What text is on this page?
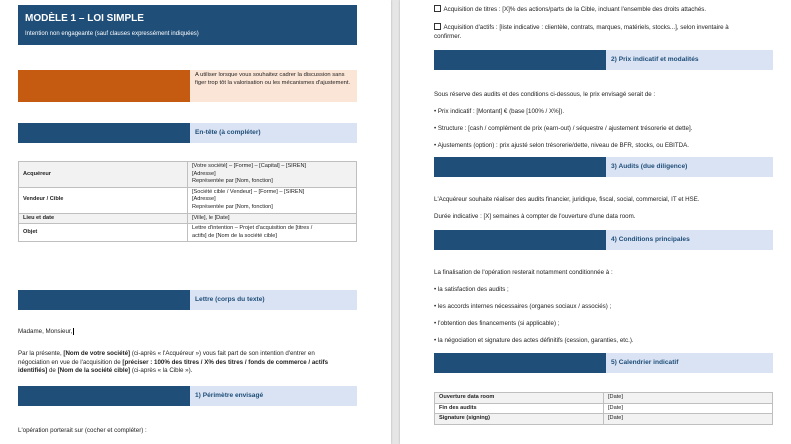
MODÈLE 1 – LOI SIMPLE
Intention non engageante (sauf clauses expressément indiquées)
A utiliser lorsque vous souhaitez cadrer la discussion sans figer trop tôt la valorisation ou les mécanismes d'ajustement.
En-tête (à compléter)
Acquéreur	[Votre société] – [Forme] – [Capital] – [SIREN]
[Adresse]
Représentée par [Nom, fonction]

Vendeur / Cible	[Société cible / Vendeur] – [Forme] – [SIREN]
[Adresse]
Représentée par [Nom, fonction]

Lieu et date	[Ville], le [Date]

Objet	Lettre d'intention – Projet d'acquisition de [titres /
actifs] de [Nom de la société cible]
Lettre (corps du texte)
Madame, Monsieur,
Par la présente, [Nom de votre société] (ci-après « l'Acquéreur ») vous fait part de son intention d'entrer en
négociation en vue de l'acquisition de [préciser : 100% des titres / X% des titres / fonds de commerce / actifs
identifiés] de [Nom de la société cible] (ci-après « la Cible »).
1) Périmètre envisagé
L'opération porterait sur (cocher et compléter) :
Acquisition de titres : [X]% des actions/parts de la Cible, incluant l'ensemble des droits attachés.
Acquisition d'actifs : [liste indicative : clientèle, contrats, marques, matériels, stocks...], selon inventaire à
confirmer.
2) Prix indicatif et modalités
Sous réserve des audits et des conditions ci-dessous, le prix envisagé serait de :
• Prix indicatif : [Montant] € (base [100% / X%]).
• Structure : [cash / complément de prix (earn-out) / séquestre / ajustement trésorerie et dette].
• Ajustements (option) : prix ajusté selon trésorerie/dette, niveau de BFR, stocks, ou EBITDA.
3) Audits (due diligence)
L'Acquéreur souhaite réaliser des audits financier, juridique, fiscal, social, commercial, IT et HSE.
Durée indicative : [X] semaines à compter de l'ouverture d'une data room.
4) Conditions principales
La finalisation de l'opération resterait notamment conditionnée à :
• la satisfaction des audits ;
• les accords internes nécessaires (organes sociaux / associés) ;
• l'obtention des financements (si applicable) ;
• la négociation et signature des actes définitifs (cession, garanties, etc.).
5) Calendrier indicatif
Ouverture data room	[Date]
Fin des audits	[Date]
Signature (signing)	[Date]
